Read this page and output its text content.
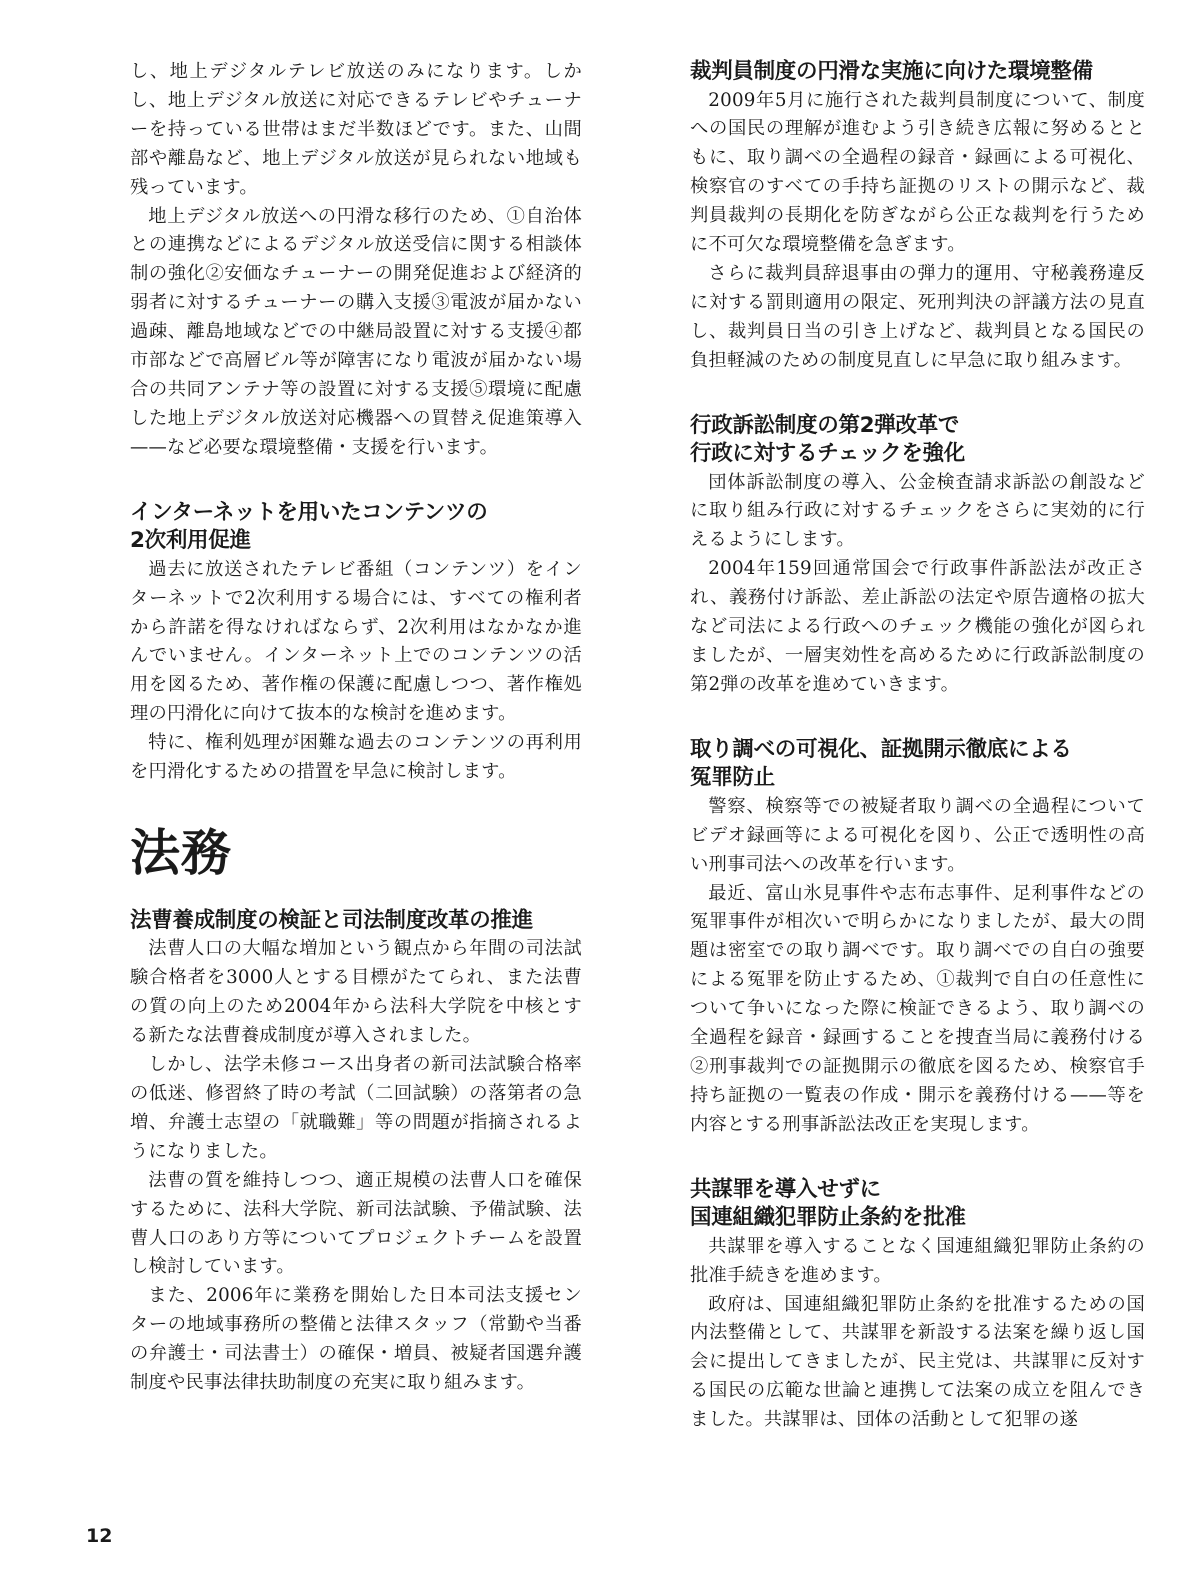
し、地上デジタルテレビ放送のみになります。しかし、地上デジタル放送に対応できるテレビやチューナーを持っている世帯はまだ半数ほどです。また、山間部や離島など、地上デジタル放送が見られない地域も残っています。

地上デジタル放送への円滑な移行のため、①自治体との連携などによるデジタル放送受信に関する相談体制の強化②安価なチューナーの開発促進および経済的弱者に対するチューナーの購入支援③電波が届かない過疎、離島地域などでの中継局設置に対する支援④都市部などで高層ビル等が障害になり電波が届かない場合の共同アンテナ等の設置に対する支援⑤環境に配慮した地上デジタル放送対応機器への買替え促進策導入——など必要な環境整備・支援を行います。

インターネットを用いたコンテンツの
2次利用促進

過去に放送されたテレビ番組（コンテンツ）をインターネットで2次利用する場合には、すべての権利者から許諾を得なければならず、2次利用はなかなか進んでいません。インターネット上でのコンテンツの活用を図るため、著作権の保護に配慮しつつ、著作権処理の円滑化に向けて抜本的な検討を進めます。

特に、権利処理が困難な過去のコンテンツの再利用を円滑化するための措置を早急に検討します。

法務
法曹養成制度の検証と司法制度改革の推進

法曹人口の大幅な増加という観点から年間の司法試験合格者を3000人とする目標がたてられ、また法曹の質の向上のため2004年から法科大学院を中核とする新たな法曹養成制度が導入されました。

しかし、法学未修コース出身者の新司法試験合格率の低迷、修習終了時の考試（二回試験）の落第者の急増、弁護士志望の「就職難」等の問題が指摘されるようになりました。

法曹の質を維持しつつ、適正規模の法曹人口を確保するために、法科大学院、新司法試験、予備試験、法曹人口のあり方等についてプロジェクトチームを設置し検討しています。

また、2006年に業務を開始した日本司法支援センターの地域事務所の整備と法律スタッフ（常勤や当番の弁護士・司法書士）の確保・増員、被疑者国選弁護制度や民事法律扶助制度の充実に取り組みます。

裁判員制度の円滑な実施に向けた環境整備

2009年5月に施行された裁判員制度について、制度への国民の理解が進むよう引き続き広報に努めるとともに、取り調べの全過程の録音・録画による可視化、検察官のすべての手持ち証拠のリストの開示など、裁判員裁判の長期化を防ぎながら公正な裁判を行うために不可欠な環境整備を急ぎます。

さらに裁判員辞退事由の弾力的運用、守秘義務違反に対する罰則適用の限定、死刑判決の評議方法の見直し、裁判員日当の引き上げなど、裁判員となる国民の負担軽減のための制度見直しに早急に取り組みます。

行政訴訟制度の第2弾改革で
行政に対するチェックを強化

団体訴訟制度の導入、公金検査請求訴訟の創設などに取り組み行政に対するチェックをさらに実効的に行えるようにします。

2004年159回通常国会で行政事件訴訟法が改正され、義務付け訴訟、差止訴訟の法定や原告適格の拡大など司法による行政へのチェック機能の強化が図られましたが、一層実効性を高めるために行政訴訟制度の第2弾の改革を進めていきます。

取り調べの可視化、証拠開示徹底による
冤罪防止

警察、検察等での被疑者取り調べの全過程についてビデオ録画等による可視化を図り、公正で透明性の高い刑事司法への改革を行います。

最近、富山氷見事件や志布志事件、足利事件などの冤罪事件が相次いで明らかになりましたが、最大の問題は密室での取り調べです。取り調べでの自白の強要による冤罪を防止するため、①裁判で自白の任意性について争いになった際に検証できるよう、取り調べの全過程を録音・録画することを捜査当局に義務付ける②刑事裁判での証拠開示の徹底を図るため、検察官手持ち証拠の一覧表の作成・開示を義務付ける——等を内容とする刑事訴訟法改正を実現します。

共謀罪を導入せずに
国連組織犯罪防止条約を批准

共謀罪を導入することなく国連組織犯罪防止条約の批准手続きを進めます。

政府は、国連組織犯罪防止条約を批准するための国内法整備として、共謀罪を新設する法案を繰り返し国会に提出してきましたが、民主党は、共謀罪に反対する国民の広範な世論と連携して法案の成立を阻んできました。共謀罪は、団体の活動として犯罪の遂

12
